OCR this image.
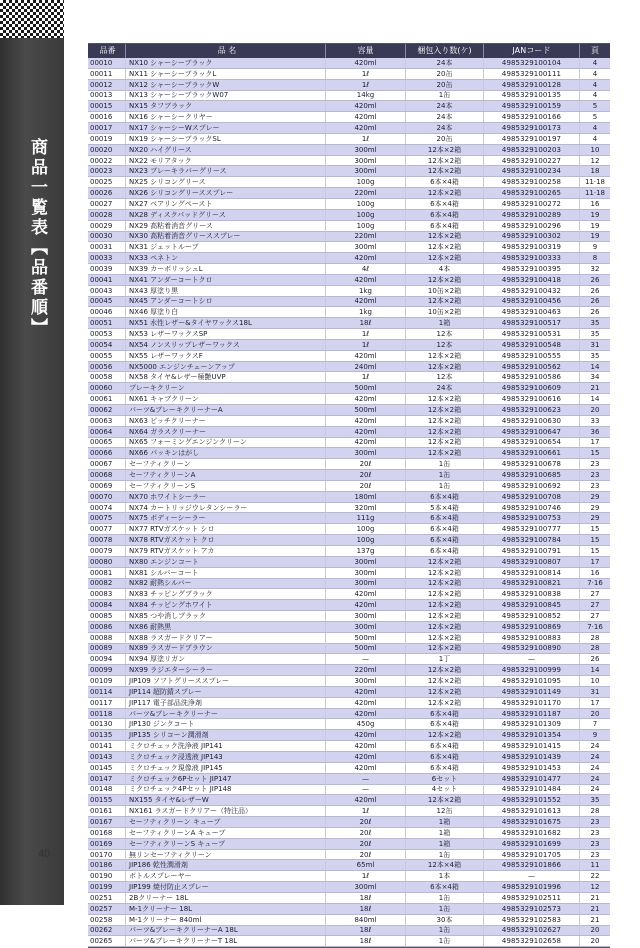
商品一覧表【品番順】
品番	品 名	容量	梱包入り数(ケ)	JANコード	頁
00010	NX10 シャーシーブラック	420ml	24本	4985329100104	4
00011	NX11 シャーシーブラックL	1ℓ	20缶	4985329100111	4
00012	NX12 シャーシーブラックW	1ℓ	20缶	4985329100128	4
00013	NX13 シャーシーブラックW07	14kg	1缶	4985329100135	4
00015	NX15 タフブラック	420ml	24本	4985329100159	5
00016	NX16 シャーシークリヤー	420ml	24本	4985329100166	5
00017	NX17 シャーシーWスプレー	420ml	24本	4985329100173	4
00019	NX19 シャーシーブラックSL	1ℓ	20缶	4985329100197	4
00020	NX20 ハイグリース	300ml	12本×2箱	4985329100203	10
00022	NX22 モリアタック	300ml	12本×2箱	4985329100227	12
00023	NX23 ブレーキラバーグリース	300ml	12本×2箱	4985329100234	18
00025	NX25 シリコングリース	100g	6本×4箱	4985329100258	11·18
00026	NX26 シリコングリーススプレー	220ml	12本×2箱	4985329100265	11·18
00027	NX27 ベアリングペースト	100g	6本×4箱	4985329100272	16
00028	NX28 ディスクパッドグリース	100g	6本×4箱	4985329100289	19
00029	NX29 高粘着消音グリース	100g	6本×4箱	4985329100296	19
00030	NX30 高粘着消音グリーススプレー	220ml	12本×2箱	4985329100302	19
00031	NX31 ジェットルーブ	300ml	12本×2箱	4985329100319	9
00033	NX33 ペネトン	420ml	12本×2箱	4985329100333	8
00039	NX39 カーボリッシュL	4ℓ	4本	4985329100395	32
00041	NX41 アンダーコートクロ	420ml	12本×2箱	4985329100418	26
00043	NX43 厚塗り黒	1kg	10缶×2箱	4985329100432	26
00045	NX45 アンダーコートシロ	420ml	12本×2箱	4985329100456	26
00046	NX46 厚塗り白	1kg	10缶×2箱	4985329100463	26
00051	NX51 水性レザー&タイヤワックス18L	18ℓ	1箱	4985329100517	35
00053	NX53 レザーワックスSP	1ℓ	12本	4985329100531	35
00054	NX54 ノンスリップレザーワックス	1ℓ	12本	4985329100548	31
00055	NX55 レザーワックスF	420ml	12本×2箱	4985329100555	35
00056	NX5000 エンジンチェーンアップ	240ml	12本×2箱	4985329100562	14
00058	NX58 タイヤ&レザー極艶UVP	1ℓ	12本	4985329100586	34
00060	ブレーキクリーン	500ml	24本	4985329100609	21
00061	NX61 キャブクリーン	420ml	12本×2箱	4985329100616	14
00062	パーツ&ブレーキクリーナーA	500ml	12本×2箱	4985329100623	20
00063	NX63 ピッチクリーナー	420ml	12本×2箱	4985329100630	33
00064	NX64 ガラスクリーナー	420ml	12本×2箱	4985329100647	36
00065	NX65 フォーミングエンジンクリーン	420ml	12本×2箱	4985329100654	17
00066	NX66 パッキンはがし	300ml	12本×2箱	4985329100661	15
00067	セーフティクリーン	20ℓ	1缶	4985329100678	23
00068	セーフティクリーンA	20ℓ	1缶	4985329100685	23
00069	セーフティクリーンS	20ℓ	1缶	4985329100692	23
00070	NX70 ホワイトシーラー	180ml	6本×4箱	4985329100708	29
00074	NX74 カートリッジウレタンシーラー	320ml	5本×4箱	4985329100746	29
00075	NX75 ボディーシーラー	111g	6本×4箱	4985329100753	29
00077	NX77 RTVガスケット シロ	100g	6本×4箱	4985329100777	15
00078	NX78 RTVガスケット クロ	100g	6本×4箱	4985329100784	15
00079	NX79 RTVガスケット アカ	137g	6本×4箱	4985329100791	15
00080	NX80 エンジンコート	300ml	12本×2箱	4985329100807	17
00081	NX81 シルバーコート	300ml	12本×2箱	4985329100814	16
00082	NX82 耐熱シルバー	300ml	12本×2箱	4985329100821	7·16
00083	NX83 チッピングブラック	420ml	12本×2箱	4985329100838	27
00084	NX84 チッピングホワイト	420ml	12本×2箱	4985329100845	27
00085	NX85 つや消しブラック	300ml	12本×2箱	4985329100852	27
00086	NX86 耐熱黒	300ml	12本×2箱	4985329100869	7·16
00088	NX88 ラスガードクリアー	500ml	12本×2箱	4985329100883	28
00089	NX89 ラスガードブラウン	500ml	12本×2箱	4985329100890	28
00094	NX94 厚塗リガン	—	1丁	—	26
00099	NX99 ラジエターシーラー	220ml	12本×2箱	4985329100999	14
00109	JIP109 ソフトグリーススプレー	300ml	12本×2箱	4985329101095	10
00114	JIP114 超防錆スプレー	420ml	12本×2箱	4985329101149	31
00117	JIP117 電子部品洗浄剤	420ml	12本×2箱	4985329101170	17
00118	パーツ&ブレーキクリーナー	420ml	6本×4箱	4985329101187	20
00130	JIP130 ジンクコート	450g	6本×4箱	4985329101309	7
00135	JIP135 シリコーン潤滑剤	420ml	12本×2箱	4985329101354	9
00141	ミクロチェック洗浄液 JIP141	420ml	6本×4箱	4985329101415	24
00143	ミクロチェック浸透液 JIP143	420ml	6本×4箱	4985329101439	24
00145	ミクロチェック現像液 JIP145	420ml	6本×4箱	4985329101453	24
00147	ミクロチェック6Pセット JIP147	—	6セット	4985329101477	24
00148	ミクロチェック4Pセット JIP148	—	4セット	4985329101484	24
00155	NX155 タイヤ&レザーW	420ml	12本×2箱	4985329101552	35
00161	NX161 ラスガードクリアー（特注品）	1ℓ	12缶	4985329101613	28
00167	セーフティクリーン キューブ	20ℓ	1箱	4985329101675	23
00168	セーフティクリーンA キューブ	20ℓ	1箱	4985329101682	23
00169	セーフティクリーンS キューブ	20ℓ	1箱	4985329101699	23
00170	無リンセーフティクリーン	20ℓ	1缶	4985329101705	23
00186	JIP186 乾性潤滑剤	65ml	12本×4箱	4985329101866	11
00190	ボトルスプレーヤー	1ℓ	1本	—	22
00199	JIP199 焼付防止スプレー	300ml	6本×4箱	4985329101996	12
00251	2Bクリーナー 18L	18ℓ	1缶	4985329102511	21
00257	M-1クリーナー 18L	18ℓ	1缶	4985329102573	21
00258	M-1クリーナー 840ml	840ml	30本	4985329102583	21
00262	パーツ&ブレーキクリーナーA 18L	18ℓ	1缶	4985329102627	20
00265	パーツ&ブレーキクリーナーT 18L	18ℓ	1缶	4985329102658	20
40
